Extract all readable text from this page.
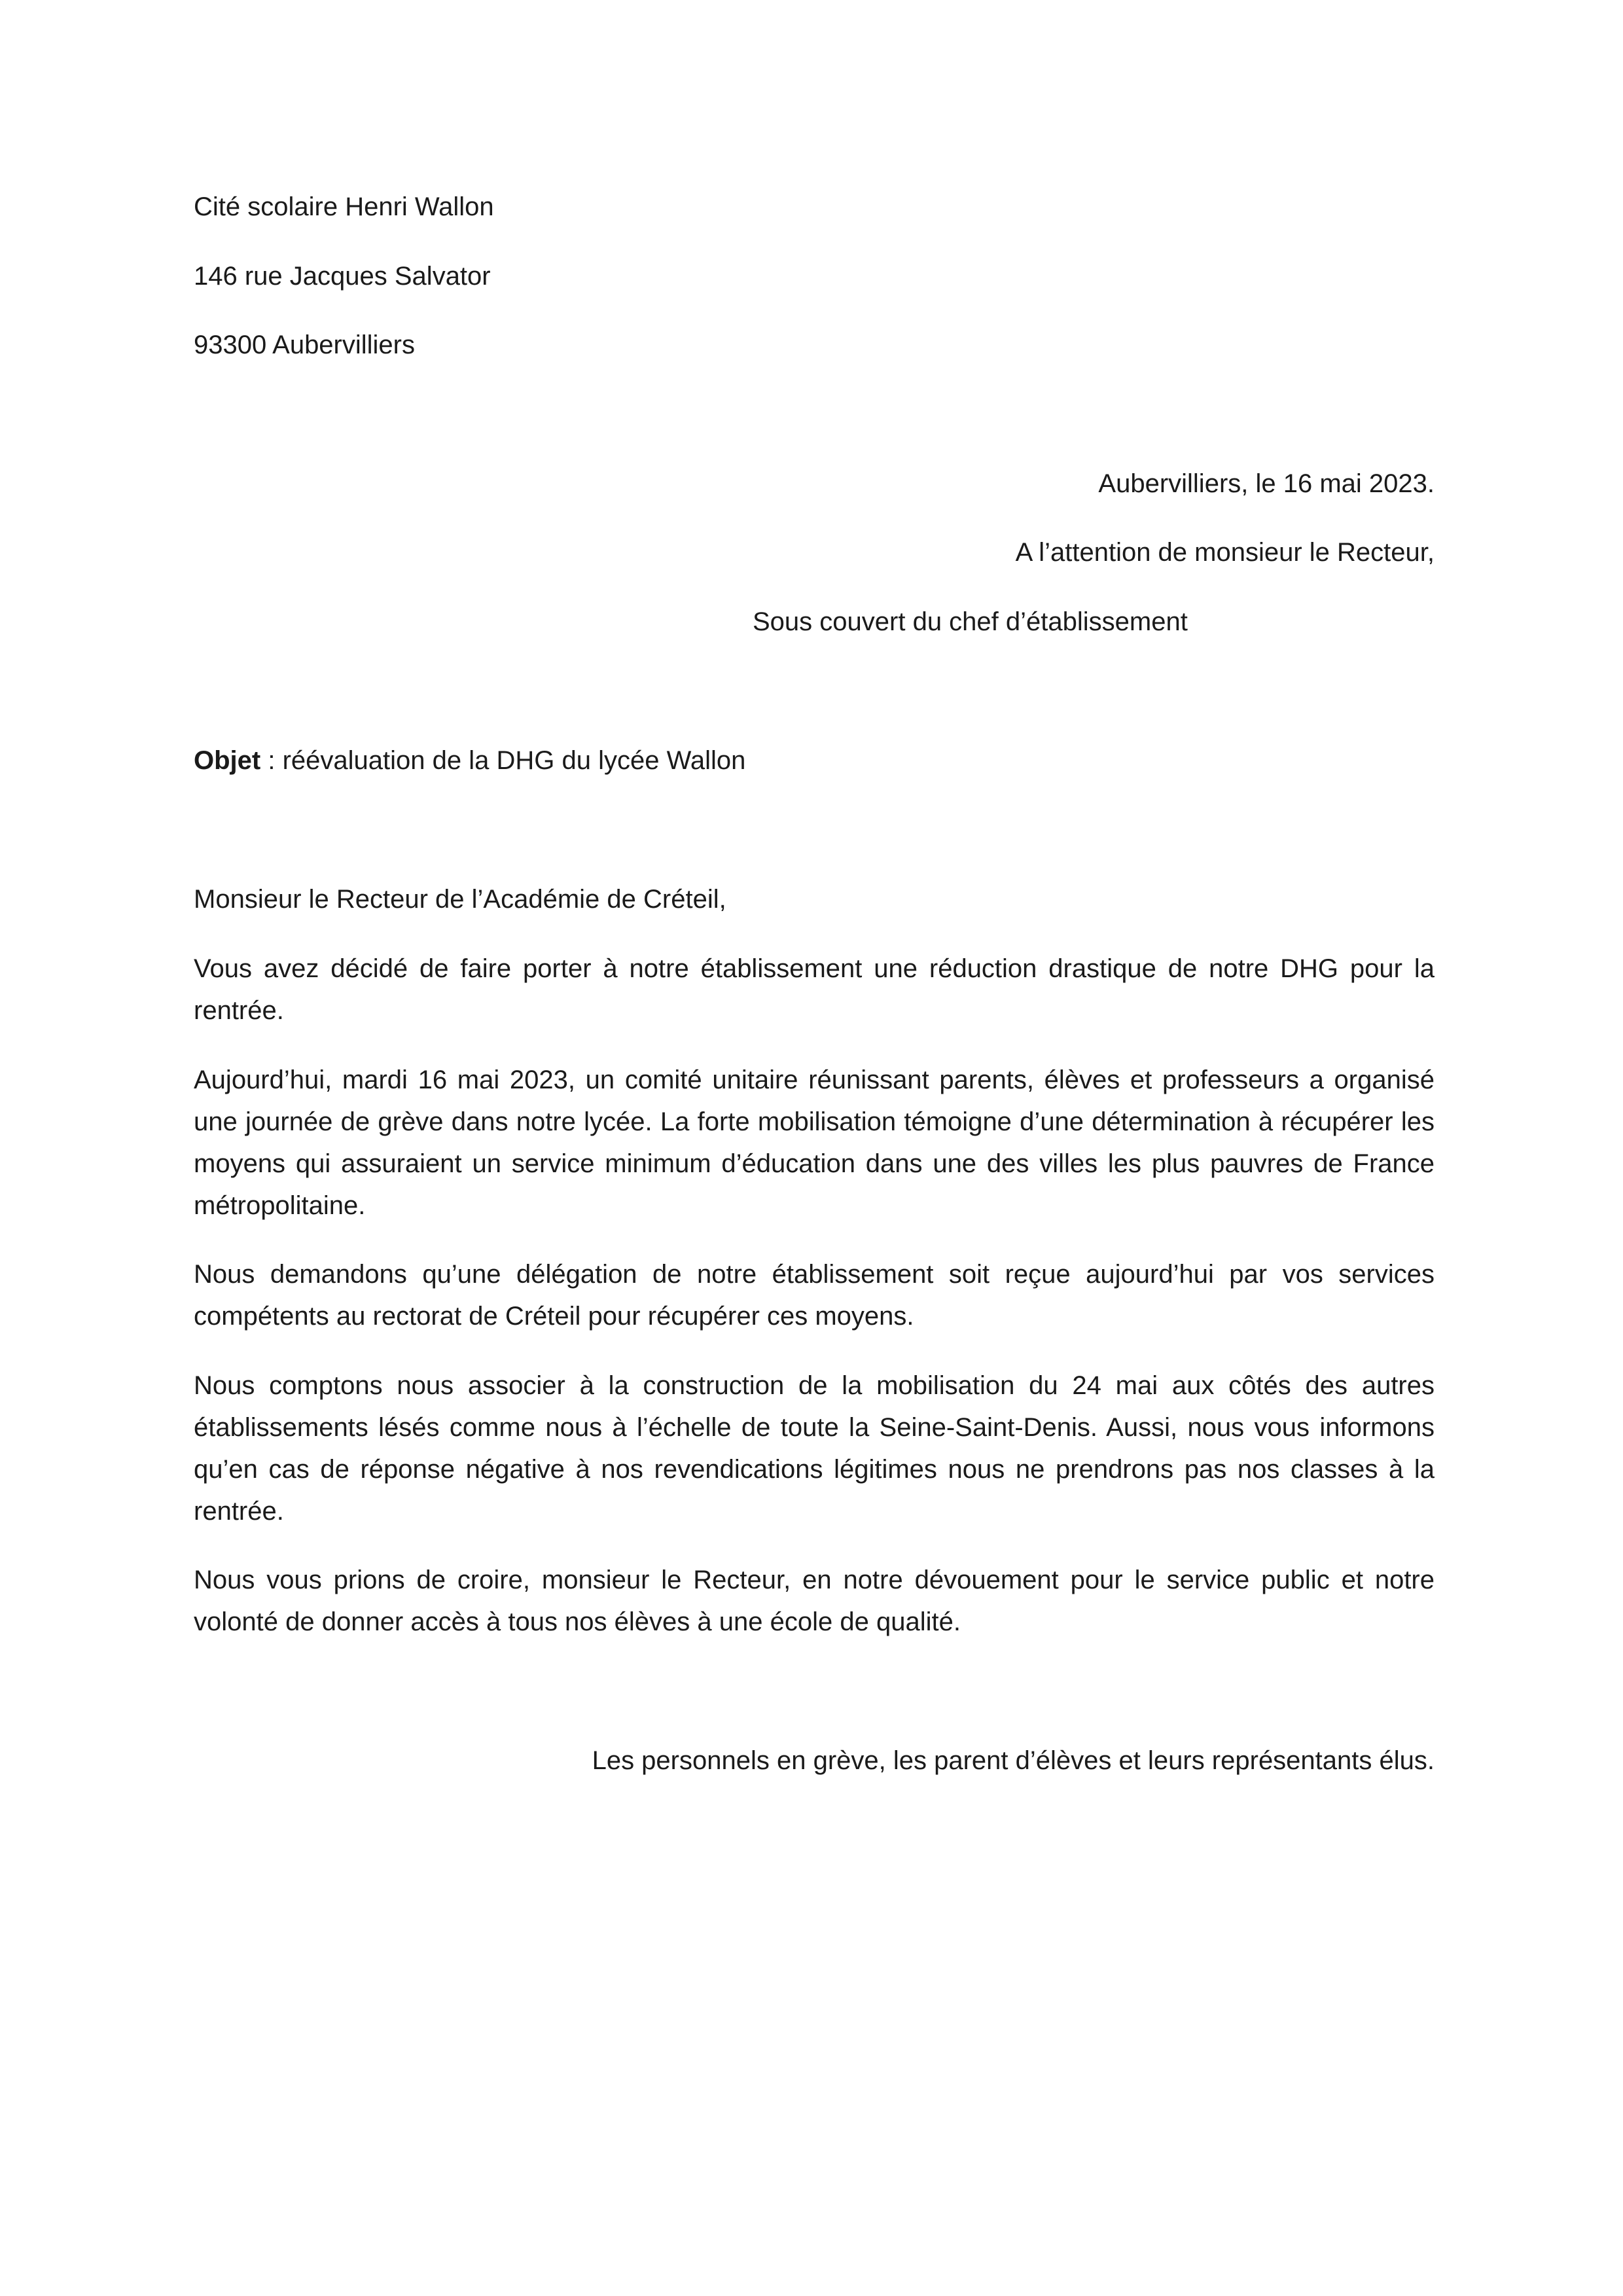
Cité scolaire Henri Wallon

146 rue Jacques Salvator

93300 Aubervilliers

Aubervilliers, le 16 mai 2023.

A l’attention de monsieur le Recteur,

Sous couvert du chef d’établissement

Objet : réévaluation de la DHG du lycée Wallon

Monsieur le Recteur de l’Académie de Créteil,

Vous avez décidé de faire porter à notre établissement une réduction drastique de notre DHG pour la rentrée.

Aujourd’hui, mardi 16 mai 2023, un comité unitaire réunissant parents, élèves et professeurs a organisé une journée de grève dans notre lycée. La forte mobilisation témoigne d’une détermination à récupérer les moyens qui assuraient un service minimum d’éducation dans une des villes les plus pauvres de France métropolitaine.

Nous demandons qu’une délégation de notre établissement soit reçue aujourd’hui par vos services compétents au rectorat de Créteil pour récupérer ces moyens.

Nous comptons nous associer à la construction de la mobilisation du 24 mai aux côtés des autres établissements lésés comme nous à l’échelle de toute la Seine-Saint-Denis. Aussi, nous vous informons qu’en cas de réponse négative à nos revendications légitimes nous ne prendrons pas nos classes à la rentrée.

Nous vous prions de croire, monsieur le Recteur, en notre dévouement pour le service public et notre volonté de donner accès à tous nos élèves à une école de qualité.

Les personnels en grève, les parent d’élèves et leurs représentants élus.
